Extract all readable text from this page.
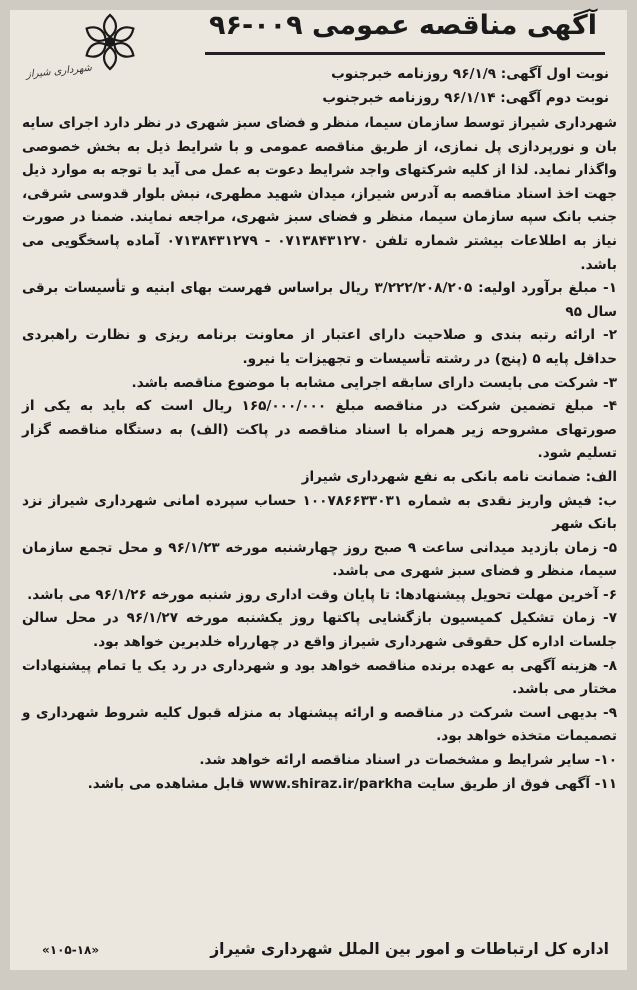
شهرداری شیراز
آگهی مناقصه عمومی ۰۰۹-۹۶

نوبت اول آگهی: ۹۶/۱/۹ روزنامه خبرجنوب

نوبت دوم آگهی: ۹۶/۱/۱۴ روزنامه خبرجنوب

شهرداری شیراز توسط سازمان سیما، منظر و فضای سبز شهری در نظر دارد اجرای سایه بان و نورپردازی پل نمازی، از طریق مناقصه عمومی و با شرایط ذیل به بخش خصوصی واگذار نماید. لذا از کلیه شرکتهای واجد شرایط دعوت به عمل می آید با توجه به موارد ذیل جهت اخذ اسناد مناقصه به آدرس شیراز، میدان شهید مطهری، نبش بلوار قدوسی شرقی، جنب بانک سپه سازمان سیما، منظر و فضای سبز شهری، مراجعه نمایند. ضمنا در صورت نیاز به اطلاعات بیشتر شماره تلفن ۰۷۱۳۸۴۳۱۲۷۰ - ۰۷۱۳۸۴۳۱۲۷۹ آماده پاسخگویی می باشد.

۱- مبلغ برآورد اولیه: ۳/۲۲۲/۲۰۸/۲۰۵ ریال براساس فهرست بهای ابنیه و تأسیسات برقی سال ۹۵

۲- ارائه رتبه بندی و صلاحیت دارای اعتبار از معاونت برنامه ریزی و نظارت راهبردی حداقل پایه ۵ (پنج) در رشته تأسیسات و تجهیزات یا نیرو.

۳- شرکت می بایست دارای سابقه اجرایی مشابه با موضوع مناقصه باشد.

۴- مبلغ تضمین شرکت در مناقصه مبلغ ۱۶۵/۰۰۰/۰۰۰ ریال است که باید به یکی از صورتهای مشروحه زیر همراه با اسناد مناقصه در پاکت (الف) به دستگاه مناقصه گزار تسلیم شود.

الف: ضمانت نامه بانکی به نفع شهرداری شیراز

ب: فیش واریز نقدی به شماره ۱۰۰۷۸۶۶۳۳۰۳۱ حساب سپرده امانی شهرداری شیراز نزد بانک شهر

۵- زمان بازدید میدانی ساعت ۹ صبح روز چهارشنبه مورخه ۹۶/۱/۲۳ و محل تجمع سازمان سیما، منظر و فضای سبز شهری می باشد.

۶- آخرین مهلت تحویل پیشنهادها: تا پایان وقت اداری روز شنبه مورخه ۹۶/۱/۲۶ می باشد.

۷- زمان تشکیل کمیسیون بازگشایی پاکتها روز یکشنبه مورخه ۹۶/۱/۲۷ در محل سالن جلسات اداره کل حقوقی شهرداری شیراز واقع در چهارراه خلدبرین خواهد بود.

۸- هزینه آگهی به عهده برنده مناقصه خواهد بود و شهرداری در رد یک یا تمام پیشنهادات مختار می باشد.

۹- بدیهی است شرکت در مناقصه و ارائه پیشنهاد به منزله قبول کلیه شروط شهرداری و تصمیمات متخذه خواهد بود.

۱۰- سایر شرایط و مشخصات در اسناد مناقصه ارائه خواهد شد.

۱۱- آگهی فوق از طریق سایت www.shiraz.ir/parkha قابل مشاهده می باشد.

اداره کل ارتباطات و امور بین الملل شهرداری شیراز
«۱۰۵-۱۸»
